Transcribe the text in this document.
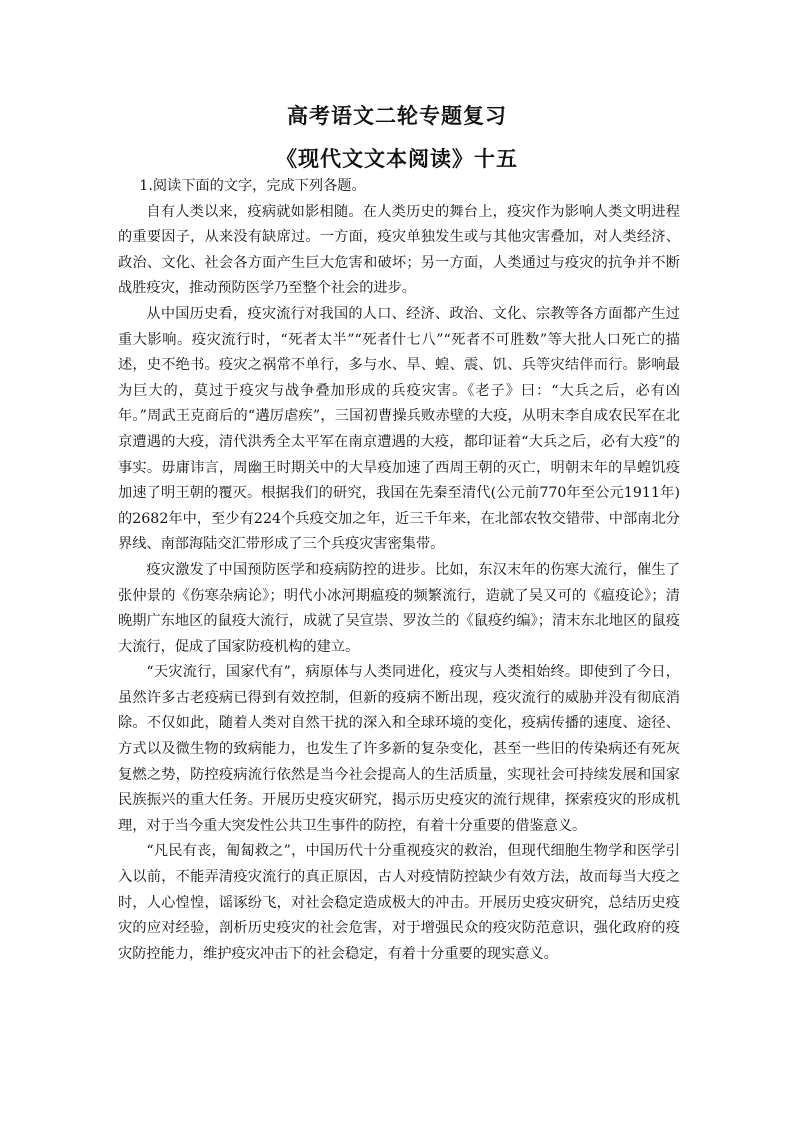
高考语文二轮专题复习
《现代文文本阅读》十五

1.阅读下面的文字，完成下列各题。

自有人类以来，疫病就如影相随。在人类历史的舞台上，疫灾作为影响人类文明进程的重要因子，从来没有缺席过。一方面，疫灾单独发生或与其他灾害叠加，对人类经济、政治、文化、社会各方面产生巨大危害和破坏；另一方面，人类通过与疫灾的抗争并不断战胜疫灾，推动预防医学乃至整个社会的进步。

从中国历史看，疫灾流行对我国的人口、经济、政治、文化、宗教等各方面都产生过重大影响。疫灾流行时，“死者太半”“死者什七八”“死者不可胜数”等大批人口死亡的描述，史不绝书。疫灾之祸常不单行，多与水、旱、蝗、震、饥、兵等灾结伴而行。影响最为巨大的，莫过于疫灾与战争叠加形成的兵疫灾害。《老子》曰：“大兵之后，必有凶年。”周武王克商后的“遘厉虐疾”，三国初曹操兵败赤壁的大疫，从明末李自成农民军在北京遭遇的大疫，清代洪秀全太平军在南京遭遇的大疫，都印证着“大兵之后，必有大疫”的事实。毋庸讳言，周幽王时期关中的大旱疫加速了西周王朝的灭亡，明朝末年的旱蝗饥疫加速了明王朝的覆灭。根据我们的研究，我国在先秦至清代(公元前770年至公元1911年)的2682年中，至少有224个兵疫交加之年，近三千年来，在北部农牧交错带、中部南北分界线、南部海陆交汇带形成了三个兵疫灾害密集带。

疫灾激发了中国预防医学和疫病防控的进步。比如，东汉末年的伤寒大流行，催生了张仲景的《伤寒杂病论》；明代小冰河期瘟疫的频繁流行，造就了吴又可的《瘟疫论》；清晚期广东地区的鼠疫大流行，成就了吴宣崇、罗汝兰的《鼠疫约编》；清末东北地区的鼠疫大流行，促成了国家防疫机构的建立。

“天灾流行，国家代有”，病原体与人类同进化，疫灾与人类相始终。即使到了今日，虽然许多古老疫病已得到有效控制，但新的疫病不断出现，疫灾流行的威胁并没有彻底消除。不仅如此，随着人类对自然干扰的深入和全球环境的变化，疫病传播的速度、途径、方式以及微生物的致病能力，也发生了许多新的复杂变化，甚至一些旧的传染病还有死灰复燃之势，防控疫病流行依然是当今社会提高人的生活质量，实现社会可持续发展和国家民族振兴的重大任务。开展历史疫灾研究，揭示历史疫灾的流行规律，探索疫灾的形成机理，对于当今重大突发性公共卫生事件的防控，有着十分重要的借鉴意义。

“凡民有丧，匍匐救之”，中国历代十分重视疫灾的救治，但现代细胞生物学和医学引入以前，不能弄清疫灾流行的真正原因，古人对疫情防控缺少有效方法，故而每当大疫之时，人心惶惶，谣诼纷飞，对社会稳定造成极大的冲击。开展历史疫灾研究，总结历史疫灾的应对经验，剖析历史疫灾的社会危害，对于增强民众的疫灾防范意识，强化政府的疫灾防控能力，维护疫灾冲击下的社会稳定，有着十分重要的现实意义。
